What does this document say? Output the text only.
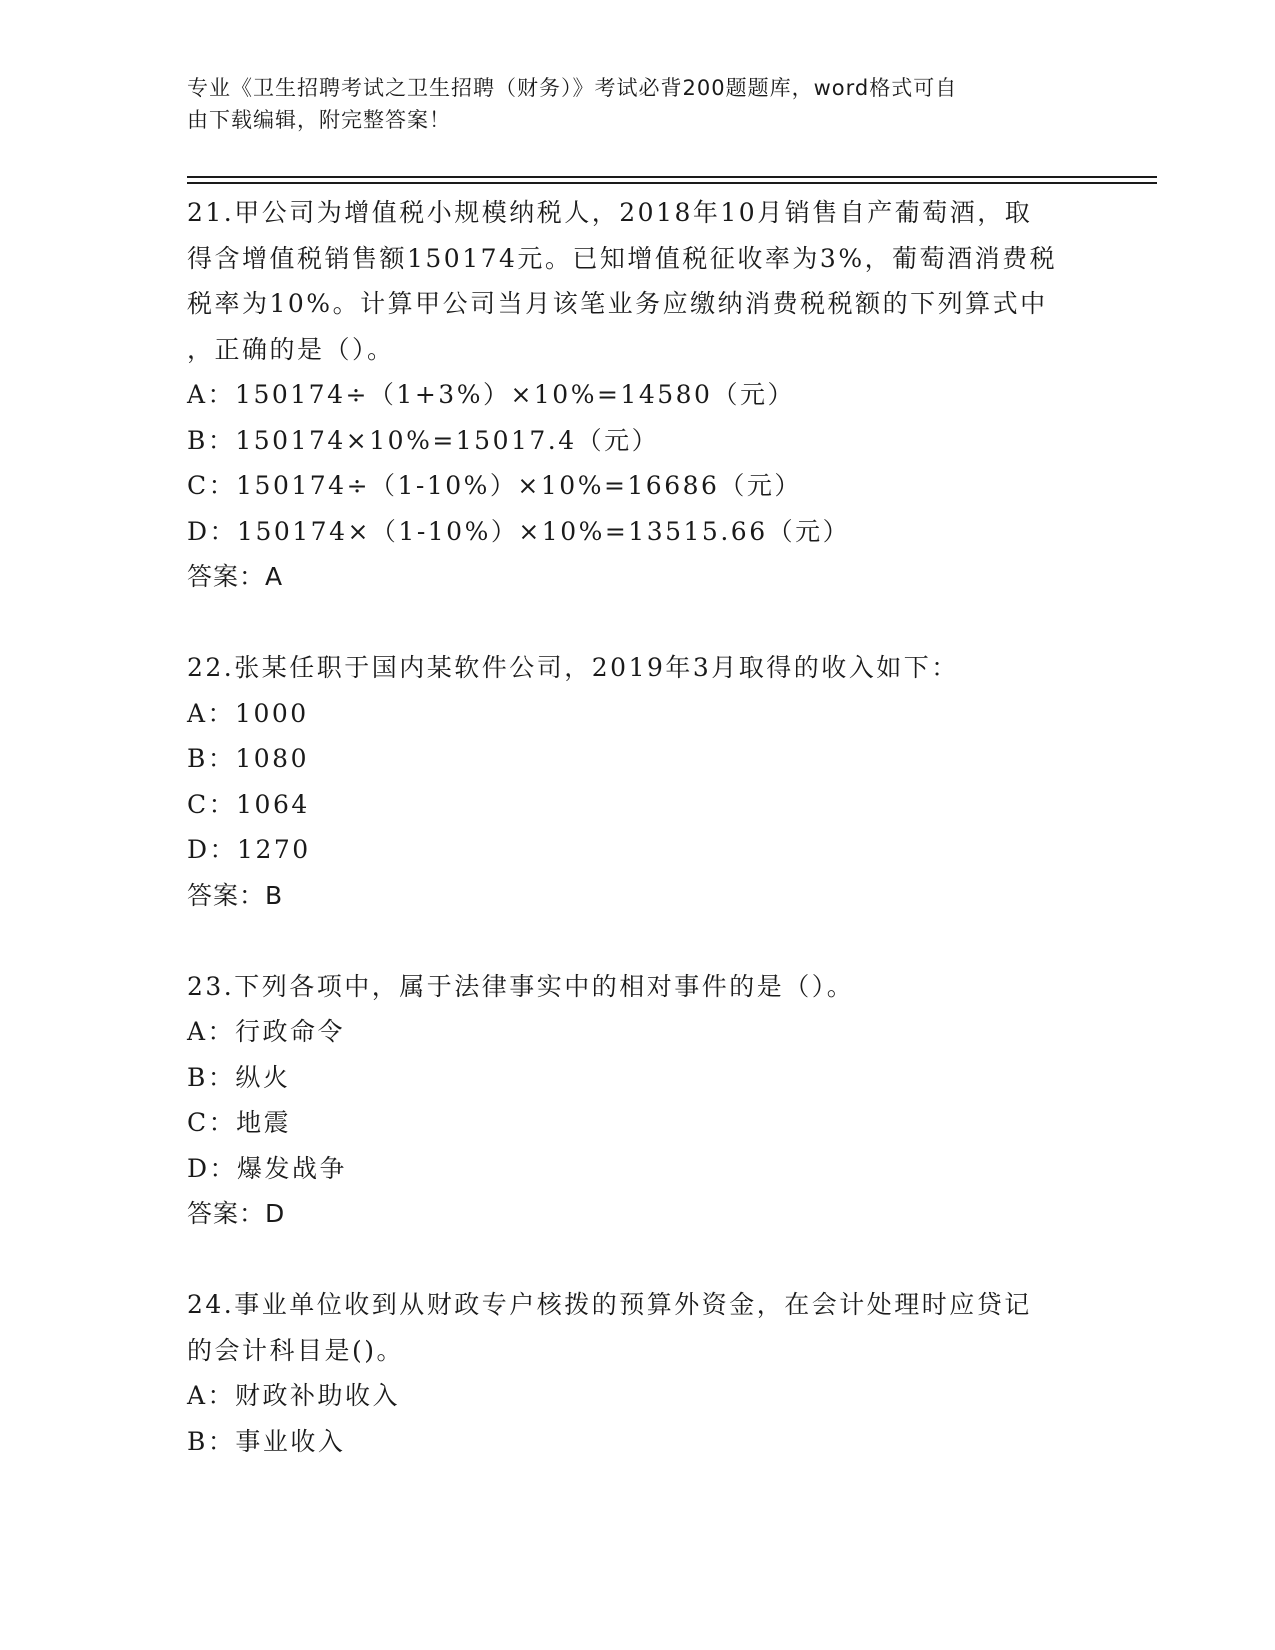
专业《卫生招聘考试之卫生招聘（财务）》考试必背200题题库，word格式可自
由下载编辑，附完整答案！

21.甲公司为增值税小规模纳税人，2018年10月销售自产葡萄酒，取

得含增值税销售额150174元。已知增值税征收率为3%，葡萄酒消费税

税率为10%。计算甲公司当月该笔业务应缴纳消费税税额的下列算式中

，正确的是（）。

A：150174÷（1+3%）×10%=14580（元）

B：150174×10%=15017.4（元）

C：150174÷（1-10%）×10%=16686（元）

D：150174×（1-10%）×10%=13515.66（元）

答案：A

22.张某任职于国内某软件公司，2019年3月取得的收入如下：

A：1000

B：1080

C：1064

D：1270

答案：B

23.下列各项中，属于法律事实中的相对事件的是（）。

A：行政命令

B：纵火

C：地震

D：爆发战争

答案：D

24.事业单位收到从财政专户核拨的预算外资金，在会计处理时应贷记

的会计科目是()。

A：财政补助收入

B：事业收入
